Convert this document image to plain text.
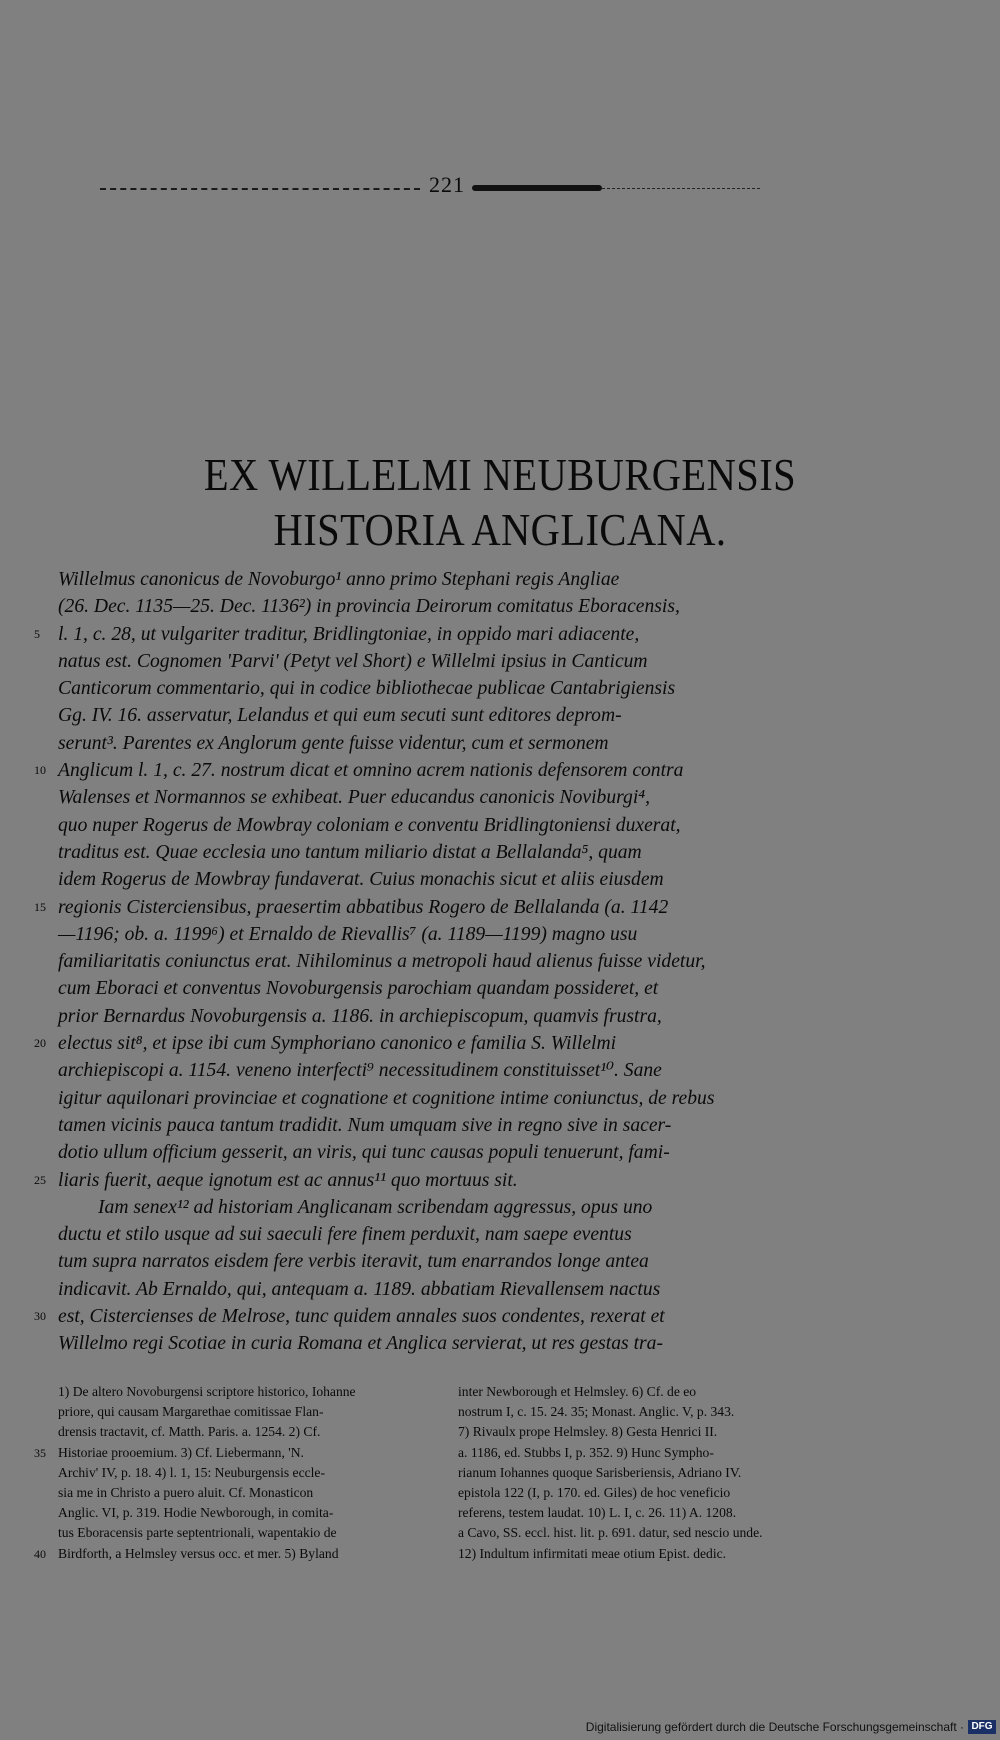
221
EX WILLELMI NEUBURGENSIS
HISTORIA ANGLICANA.
Willelmus canonicus de Novoburgo¹ anno primo Stephani regis Angliae
(26. Dec. 1135—25. Dec. 1136²) in provincia Deirorum comitatus Eboracensis,
l. 1, c. 28, ut vulgariter traditur, Bridlingtoniae, in oppido mari adiacente,
5
natus est. Cognomen 'Parvi' (Petyt vel Short) e Willelmi ipsius in Canticum
Canticorum commentario, qui in codice bibliothecae publicae Cantabrigiensis
Gg. IV. 16. asservatur, Lelandus et qui eum secuti sunt editores deprom-
serunt³. Parentes ex Anglorum gente fuisse videntur, cum et sermonem
Anglicum l. 1, c. 27. nostrum dicat et omnino acrem nationis defensorem contra
10
Walenses et Normannos se exhibeat. Puer educandus canonicis Noviburgi⁴,
quo nuper Rogerus de Mowbray coloniam e conventu Bridlingtoniensi duxerat,
traditus est. Quae ecclesia uno tantum miliario distat a Bellalanda⁵, quam
idem Rogerus de Mowbray fundaverat. Cuius monachis sicut et aliis eiusdem
regionis Cisterciensibus, praesertim abbatibus Rogero de Bellalanda (a. 1142
15
—1196; ob. a. 1199⁶) et Ernaldo de Rievallis⁷ (a. 1189—1199) magno usu
familiaritatis coniunctus erat. Nihilominus a metropoli haud alienus fuisse videtur,
cum Eboraci et conventus Novoburgensis parochiam quandam possideret, et
prior Bernardus Novoburgensis a. 1186. in archiepiscopum, quamvis frustra,
electus sit⁸, et ipse ibi cum Symphoriano canonico e familia S. Willelmi
20
archiepiscopi a. 1154. veneno interfecti⁹ necessitudinem constituisset¹⁰. Sane
igitur aquilonari provinciae et cognatione et cognitione intime coniunctus, de rebus
tamen vicinis pauca tantum tradidit. Num umquam sive in regno sive in sacer-
dotio ullum officium gesserit, an viris, qui tunc causas populi tenuerunt, fami-
liaris fuerit, aeque ignotum est ac annus¹¹ quo mortuus sit.
25
Iam senex¹² ad historiam Anglicanam scribendam aggressus, opus uno
ductu et stilo usque ad sui saeculi fere finem perduxit, nam saepe eventus
tum supra narratos eisdem fere verbis iteravit, tum enarrandos longe antea
indicavit. Ab Ernaldo, qui, antequam a. 1189. abbatiam Rievallensem nactus
est, Cistercienses de Melrose, tunc quidem annales suos condentes, rexerat et
30
Willelmo regi Scotiae in curia Romana et Anglica servierat, ut res gestas tra-
1) De altero Novoburgensi scriptore historico, Iohanne
priore, qui causam Margarethae comitissae Flan-
drensis tractavit, cf. Matth. Paris. a. 1254. 2) Cf.
Historiae prooemium. 3) Cf. Liebermann, 'N.
35
Archiv' IV, p. 18. 4) l. 1, 15: Neuburgensis eccle-
sia me in Christo a puero aluit. Cf. Monasticon
Anglic. VI, p. 319. Hodie Newborough, in comita-
tus Eboracensis parte septentrionali, wapentakio de
Birdforth, a Helmsley versus occ. et mer. 5) Byland
40
inter Newborough et Helmsley. 6) Cf. de eo
nostrum I, c. 15. 24. 35; Monast. Anglic. V, p. 343.
7) Rivaulx prope Helmsley. 8) Gesta Henrici II.
a. 1186, ed. Stubbs I, p. 352. 9) Hunc Sympho-
rianum Iohannes quoque Sarisberiensis, Adriano IV.
epistola 122 (I, p. 170. ed. Giles) de hoc veneficio
referens, testem laudat. 10) L. I, c. 26. 11) A. 1208.
a Cavo, SS. eccl. hist. lit. p. 691. datur, sed nescio unde.
12) Indultum infirmitati meae otium Epist. dedic.
Digitalisierung gefördert durch die Deutsche Forschungsgemeinschaft · DFG
